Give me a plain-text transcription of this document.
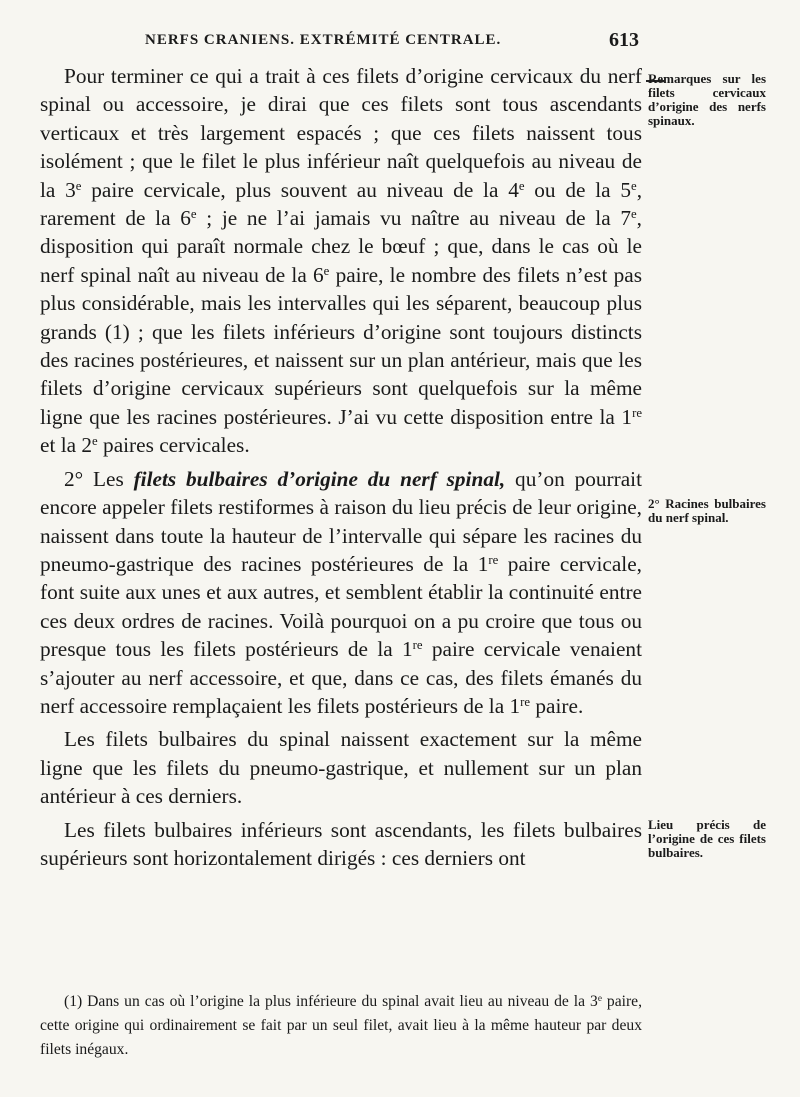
NERFS CRANIENS. EXTRÉMITÉ CENTRALE.	613

Pour terminer ce qui a trait à ces filets d’origine cervicaux du nerf spinal ou accessoire, je dirai que ces filets sont tous ascendants verticaux et très largement espacés ; que ces filets naissent tous isolément ; que le filet le plus inférieur naît quelquefois au niveau de la 3e paire cervicale, plus souvent au niveau de la 4e ou de la 5e, rarement de la 6e ; je ne l’ai jamais vu naître au niveau de la 7e, disposition qui paraît normale chez le bœuf ; que, dans le cas où le nerf spinal naît au niveau de la 6e paire, le nombre des filets n’est pas plus considérable, mais les intervalles qui les séparent, beaucoup plus grands (1) ; que les filets inférieurs d’origine sont toujours distincts des racines postérieures, et naissent sur un plan antérieur, mais que les filets d’origine cervicaux supérieurs sont quelquefois sur la même ligne que les racines postérieures. J’ai vu cette disposition entre la 1re et la 2e paires cervicales.

2° Les filets bulbaires d’origine du nerf spinal, qu’on pourrait encore appeler filets restiformes à raison du lieu précis de leur origine, naissent dans toute la hauteur de l’intervalle qui sépare les racines du pneumo-gastrique des racines postérieures de la 1re paire cervicale, font suite aux unes et aux autres, et semblent établir la continuité entre ces deux ordres de racines. Voilà pourquoi on a pu croire que tous ou presque tous les filets postérieurs de la 1re paire cervicale venaient s’ajouter au nerf accessoire, et que, dans ce cas, des filets émanés du nerf accessoire remplaçaient les filets postérieurs de la 1re paire.

Les filets bulbaires du spinal naissent exactement sur la même ligne que les filets du pneumo-gastrique, et nullement sur un plan antérieur à ces derniers.

Les filets bulbaires inférieurs sont ascendants, les filets bulbaires supérieurs sont horizontalement dirigés : ces derniers ont

Remarques sur les filets cervicaux d’origine des nerfs spinaux.
2° Racines bulbaires du nerf spinal.
Lieu précis de l’origine de ces filets bulbaires.

(1) Dans un cas où l’origine la plus inférieure du spinal avait lieu au niveau de la 3e paire, cette origine qui ordinairement se fait par un seul filet, avait lieu à la même hauteur par deux filets inégaux.
